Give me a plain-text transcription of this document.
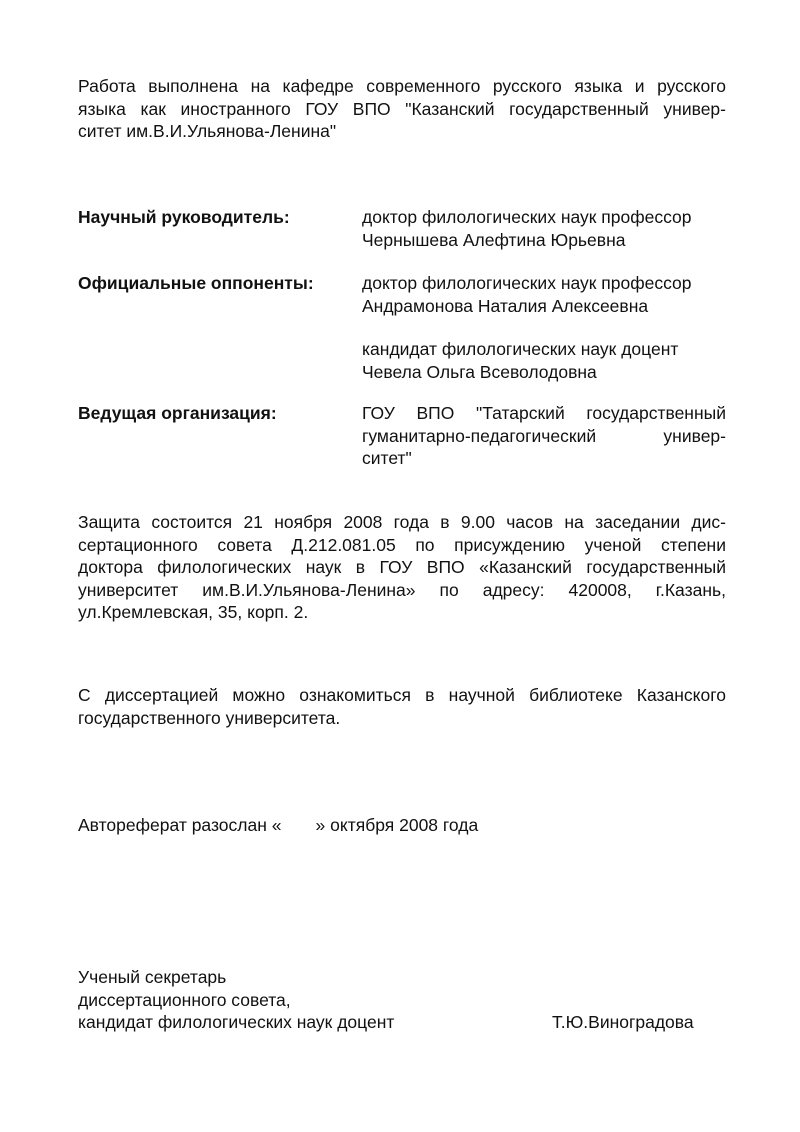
Работа выполнена на кафедре современного русского языка и русского
языка как иностранного ГОУ ВПО "Казанский государственный универ-
ситет им.В.И.Ульянова-Ленина"
Научный руководитель:	доктор филологических наук профессор
Чернышева Алефтина Юрьевна
Официальные оппоненты:	доктор филологических наук профессор
Андрамонова Наталия Алексеевна
кандидат филологических наук доцент
Чевела Ольга Всеволодовна
Ведущая организация:	ГОУ ВПО "Татарский государственный
гуманитарно-педагогический универ-
ситет"
Защита состоится 21 ноября 2008 года в 9.00 часов на заседании дис-
сертационного совета Д.212.081.05 по присуждению ученой степени
доктора филологических наук в ГОУ ВПО «Казанский государственный
университет им.В.И.Ульянова-Ленина» по адресу: 420008, г.Казань,
ул.Кремлевская, 35, корп. 2.
С диссертацией можно ознакомиться в научной библиотеке Казанского
государственного университета.
Автореферат разослан « » октября 2008 года
Ученый секретарь
диссертационного совета,
кандидат филологических наук доцент	Т.Ю.Виноградова
